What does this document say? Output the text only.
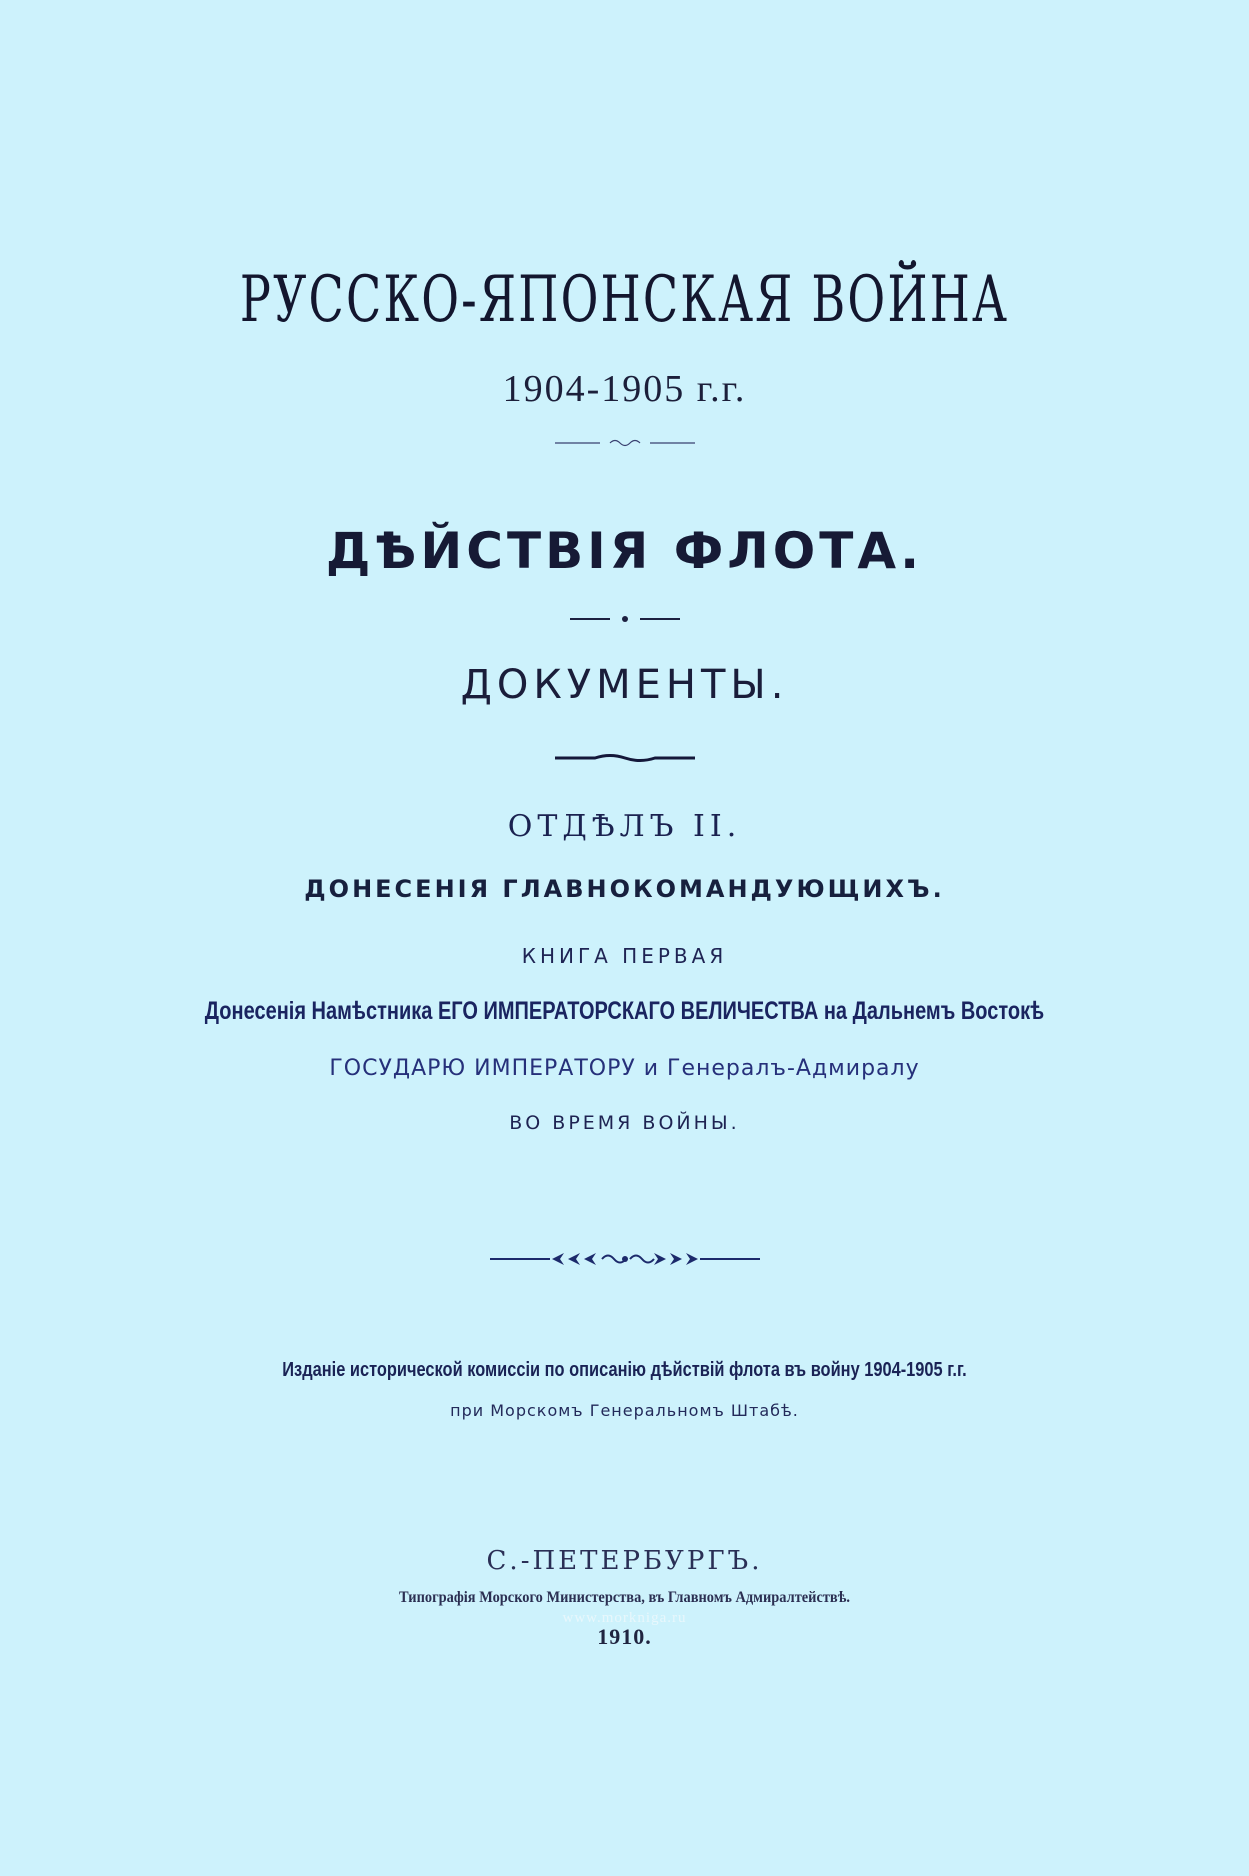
РУССКО-ЯПОНСКАЯ ВОЙНА
1904-1905 г.г.
ДѢЙСТВІЯ ФЛОТА.
ДОКУМЕНТЫ.
ОТДѢЛЪ II.
ДОНЕСЕНІЯ ГЛАВНОКОМАНДУЮЩИХЪ.
КНИГА ПЕРВАЯ
Донесенія Намѣстника ЕГО ИМПЕРАТОРСКАГО ВЕЛИЧЕСТВА на Дальнемъ Востокѣ
ГОСУДАРЮ ИМПЕРАТОРУ и Генералъ-Адмиралу
ВО ВРЕМЯ ВОЙНЫ.
Изданіе исторической комиссіи по описанію дѣйствій флота въ войну 1904-1905 г.г.
при Морскомъ Генеральномъ Штабѣ.
С.-ПЕТЕРБУРГЪ.
Типографія Морского Министерства, въ Главномъ Адмиралтействѣ.
www.morkniga.ru
1910.
